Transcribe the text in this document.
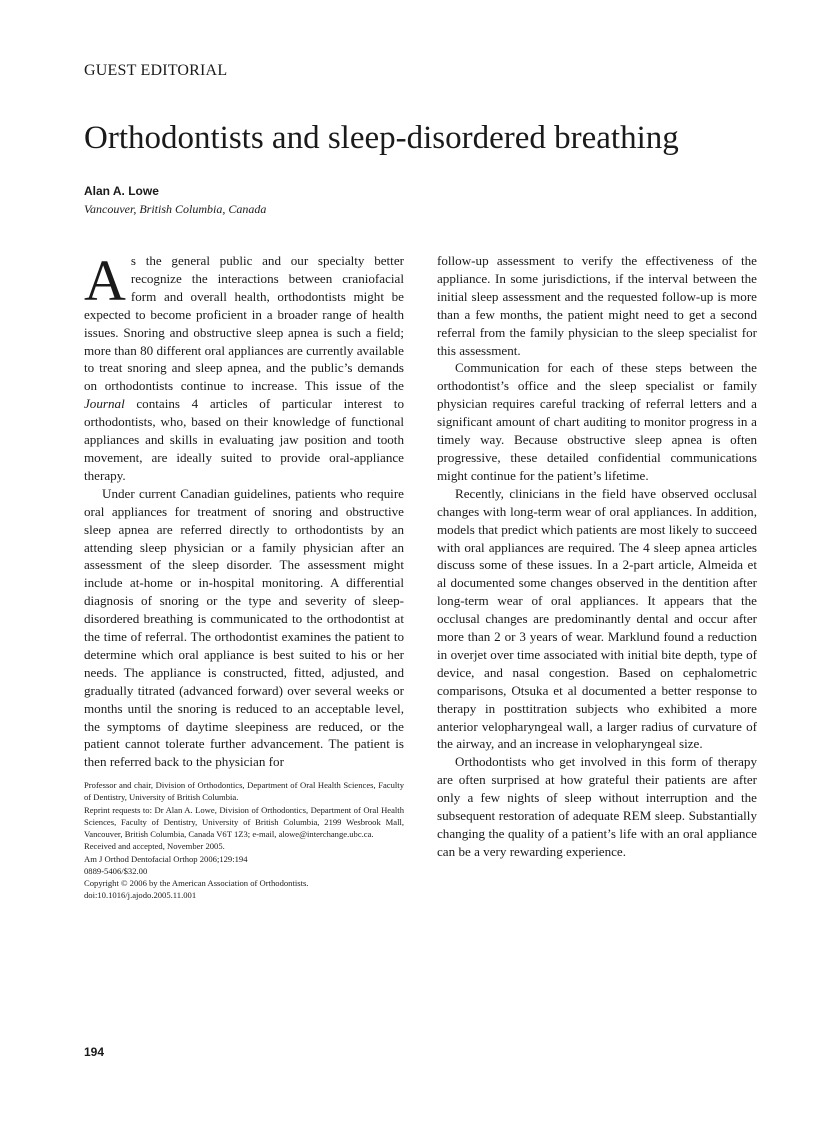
GUEST EDITORIAL

Orthodontists and sleep-disordered breathing

Alan A. Lowe

Vancouver, British Columbia, Canada

As the general public and our specialty better recognize the interactions between craniofacial form and overall health, orthodontists might be expected to become proficient in a broader range of health issues. Snoring and obstructive sleep apnea is such a field; more than 80 different oral appliances are currently available to treat snoring and sleep apnea, and the public’s demands on orthodontists continue to increase. This issue of the Journal contains 4 articles of particular interest to orthodontists, who, based on their knowledge of functional appliances and skills in evaluating jaw position and tooth movement, are ideally suited to provide oral-appliance therapy.

Under current Canadian guidelines, patients who require oral appliances for treatment of snoring and obstructive sleep apnea are referred directly to orthodontists by an attending sleep physician or a family physician after an assessment of the sleep disorder. The assessment might include at-home or in-hospital monitoring. A differential diagnosis of snoring or the type and severity of sleep-disordered breathing is communicated to the orthodontist at the time of referral. The orthodontist examines the patient to determine which oral appliance is best suited to his or her needs. The appliance is constructed, fitted, adjusted, and gradually titrated (advanced forward) over several weeks or months until the snoring is reduced to an acceptable level, the symptoms of daytime sleepiness are reduced, or the patient cannot tolerate further advancement. The patient is then referred back to the physician for

Professor and chair, Division of Orthodontics, Department of Oral Health Sciences, Faculty of Dentistry, University of British Columbia.

Reprint requests to: Dr Alan A. Lowe, Division of Orthodontics, Department of Oral Health Sciences, Faculty of Dentistry, University of British Columbia, 2199 Wesbrook Mall, Vancouver, British Columbia, Canada V6T 1Z3; e-mail, alowe@interchange.ubc.ca.

Received and accepted, November 2005.

Am J Orthod Dentofacial Orthop 2006;129:194

0889-5406/$32.00

Copyright © 2006 by the American Association of Orthodontists.

doi:10.1016/j.ajodo.2005.11.001

follow-up assessment to verify the effectiveness of the appliance. In some jurisdictions, if the interval between the initial sleep assessment and the requested follow-up is more than a few months, the patient might need to get a second referral from the family physician to the sleep specialist for this assessment.

Communication for each of these steps between the orthodontist’s office and the sleep specialist or family physician requires careful tracking of referral letters and a significant amount of chart auditing to monitor progress in a timely way. Because obstructive sleep apnea is often progressive, these detailed confidential communications might continue for the patient’s lifetime.

Recently, clinicians in the field have observed occlusal changes with long-term wear of oral appliances. In addition, models that predict which patients are most likely to succeed with oral appliances are required. The 4 sleep apnea articles discuss some of these issues. In a 2-part article, Almeida et al documented some changes observed in the dentition after long-term wear of oral appliances. It appears that the occlusal changes are predominantly dental and occur after more than 2 or 3 years of wear. Marklund found a reduction in overjet over time associated with initial bite depth, type of device, and nasal congestion. Based on cephalometric comparisons, Otsuka et al documented a better response to therapy in posttitration subjects who exhibited a more anterior velopharyngeal wall, a larger radius of curvature of the airway, and an increase in velopharyngeal size.

Orthodontists who get involved in this form of therapy are often surprised at how grateful their patients are after only a few nights of sleep without interruption and the subsequent restoration of adequate REM sleep. Substantially changing the quality of a patient’s life with an oral appliance can be a very rewarding experience.

194
